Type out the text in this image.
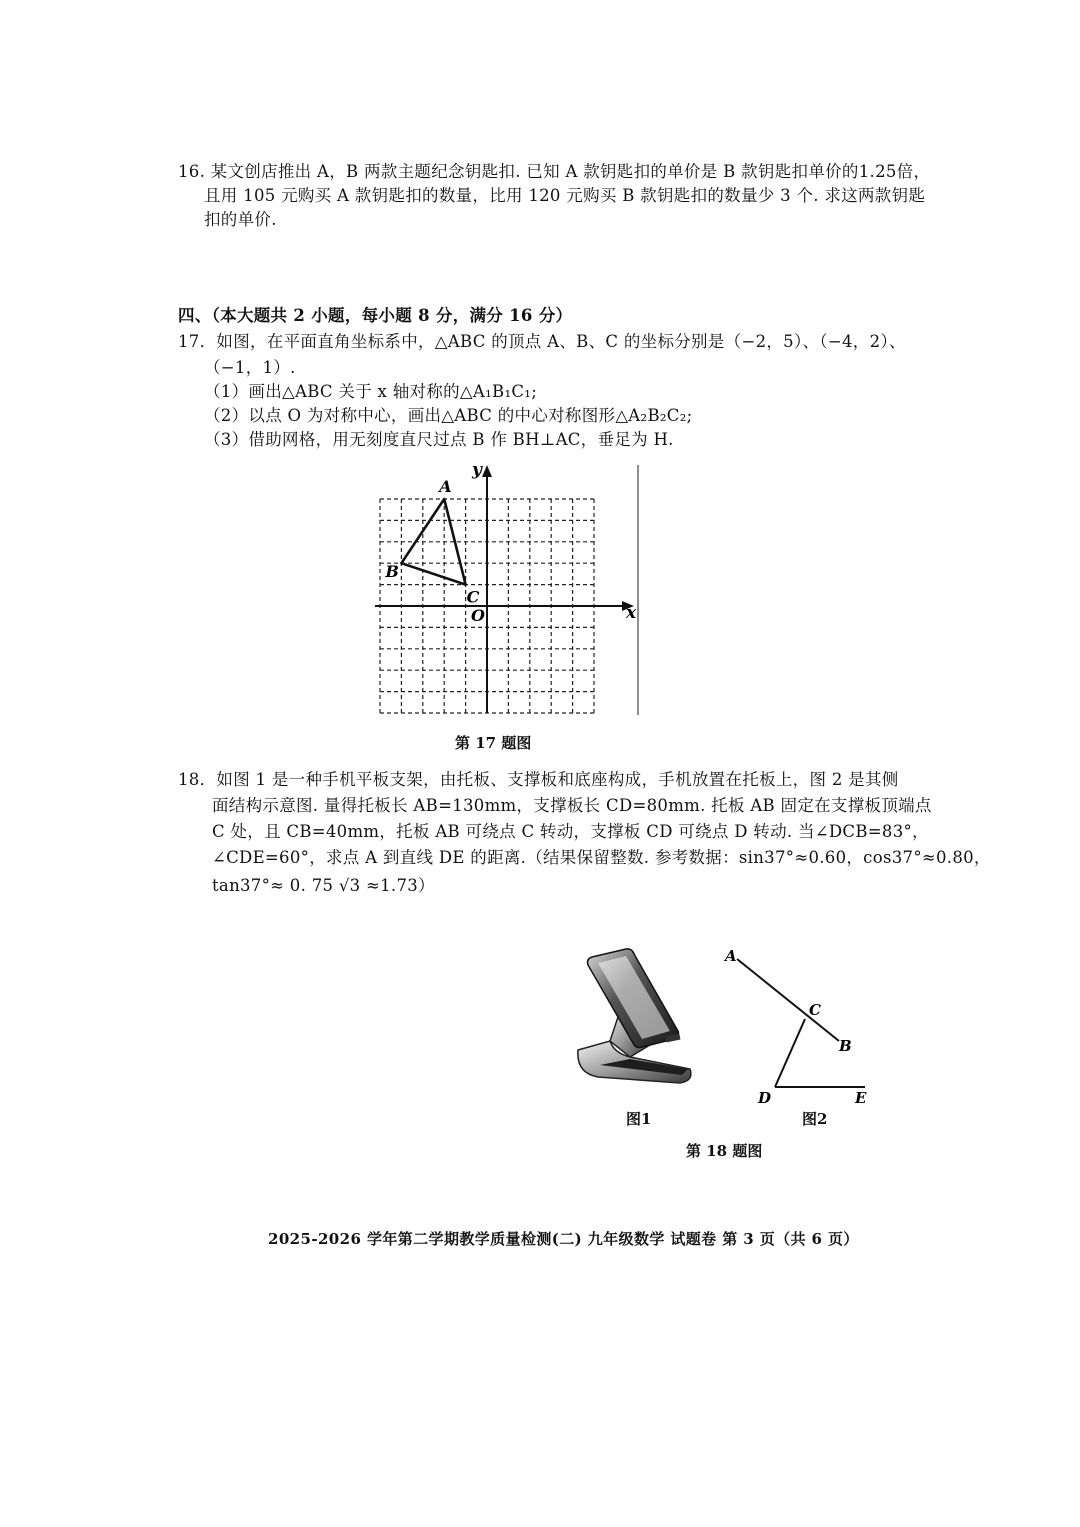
16. 某文创店推出 A，B 两款主题纪念钥匙扣. 已知 A 款钥匙扣的单价是 B 款钥匙扣单价的1.25倍，
且用 105 元购买 A 款钥匙扣的数量，比用 120 元购买 B 款钥匙扣的数量少 3 个. 求这两款钥匙
扣的单价.
四、（本大题共 2 小题，每小题 8 分，满分 16 分）
17．如图，在平面直角坐标系中，△ABC 的顶点 A、B、C 的坐标分别是（−2，5）、（−4，2）、
（−1，1）.
（1）画出△ABC 关于 x 轴对称的△A₁B₁C₁;
（2）以点 O 为对称中心，画出△ABC 的中心对称图形△A₂B₂C₂;
（3）借助网格，用无刻度直尺过点 B 作 BH⊥AC，垂足为 H.
y
x
O
A
B
C
第 17 题图
18．如图 1 是一种手机平板支架，由托板、支撑板和底座构成，手机放置在托板上，图 2 是其侧
面结构示意图. 量得托板长 AB=130mm，支撑板长 CD=80mm. 托板 AB 固定在支撑板顶端点
C 处，且 CB=40mm，托板 AB 可绕点 C 转动，支撑板 CD 可绕点 D 转动. 当∠DCB=83°，
∠CDE=60°，求点 A 到直线 DE 的距离.（结果保留整数. 参考数据：sin37°≈0.60，cos37°≈0.80，
tan37°≈ 0. 75 √3 ≈1.73）
图1
A
C
B
D	E
图2
第 18 题图
2025-2026 学年第二学期教学质量检测(二) 九年级数学 试题卷 第 3 页（共 6 页）
